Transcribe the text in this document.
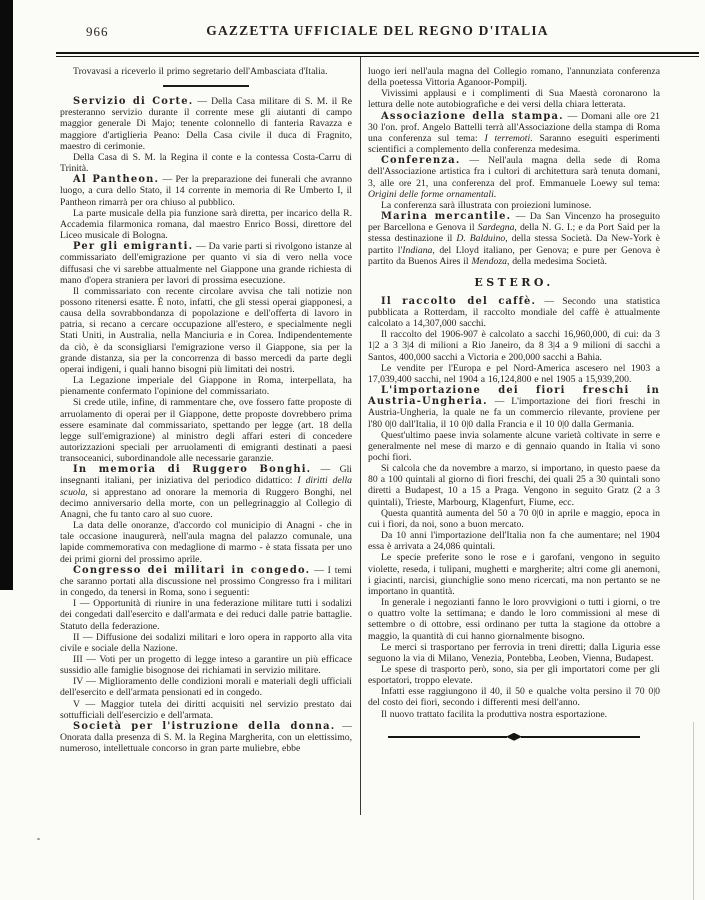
966	GAZZETTA UFFICIALE DEL REGNO D'ITALIA

Trovavasi a riceverlo il primo segretario dell'Ambasciata d'Italia.

Servizio di Corte. — Della Casa militare di S. M. il Re presteranno servizio durante il corrente mese gli aiutanti di campo maggior generale Di Majo; tenente colonnello di fanteria Ravazza e maggiore d'artiglieria Peano: Della Casa civile il duca di Fragnito, maestro di cerimonie.

Della Casa di S. M. la Regina il conte e la contessa Costa-Carru di Trinità.

Al Pantheon. — Per la preparazione dei funerali che avranno luogo, a cura dello Stato, il 14 corrente in memoria di Re Umberto I, il Pantheon rimarrà per ora chiuso al pubblico.

La parte musicale della pia funzione sarà diretta, per incarico della R. Accademia filarmonica romana, dal maestro Enrico Bossi, direttore del Liceo musicale di Bologna.

Per gli emigranti. — Da varie parti si rivolgono istanze al commissariato dell'emigrazione per quanto vi sia di vero nella voce diffusasi che vi sarebbe attualmente nel Giappone una grande richiesta di mano d'opera straniera per lavori di prossima esecuzione.

Il commissariato con recente circolare avvisa che tali notizie non possono ritenersi esatte. È noto, infatti, che gli stessi operai giapponesi, a causa della sovrabbondanza di popolazione e dell'offerta di lavoro in patria, si recano a cercare occupazione all'estero, e specialmente negli Stati Uniti, in Australia, nella Manciuria e in Corea. Indipendentemente da ciò, è da sconsigliarsi l'emigrazione verso il Giappone, sia per la grande distanza, sia per la concorrenza di basso mercedi da parte degli operai indigeni, i quali hanno bisogni più limitati dei nostri.

La Legazione imperiale del Giappone in Roma, interpellata, ha pienamente confermato l'opinione del commissariato.

Si crede utile, infine, di rammentare che, ove fossero fatte proposte di arruolamento di operai per il Giappone, dette proposte dovrebbero prima essere esaminate dal commissariato, spettando per legge (art. 18 della legge sull'emigrazione) al ministro degli affari esteri di concedere autorizzazioni speciali per arruolamenti di emigranti destinati a paesi transoceanici, subordinandole alle necessarie garanzie.

In memoria di Ruggero Bonghi. — Gli insegnanti italiani, per iniziativa del periodico didattico: I diritti della scuola, si apprestano ad onorare la memoria di Ruggero Bonghi, nel decimo anniversario della morte, con un pellegrinaggio al Collegio di Anagni, che fu tanto caro al suo cuore.

La data delle onoranze, d'accordo col municipio di Anagni - che in tale occasione inaugurerà, nell'aula magna del palazzo comunale, una lapide commemorativa con medaglione di marmo - è stata fissata per uno dei primi giorni del prossimo aprile.

Congresso dei militari in congedo. — I temi che saranno portati alla discussione nel prossimo Congresso fra i militari in congedo, da tenersi in Roma, sono i seguenti:

I — Opportunità di riunire in una federazione militare tutti i sodalizi dei congedati dall'esercito e dall'armata e dei reduci dalle patrie battaglie. Statuto della federazione.

II — Diffusione dei sodalizi militari e loro opera in rapporto alla vita civile e sociale della Nazione.

III — Voti per un progetto di legge inteso a garantire un più efficace sussidio alle famiglie bisognose dei richiamati in servizio militare.

IV — Miglioramento delle condizioni morali e materiali degli ufficiali dell'esercito e dell'armata pensionati ed in congedo.

V — Maggior tutela dei diritti acquisiti nel servizio prestato dai sottufficiali dell'esercizio e dell'armata.

Società per l'istruzione della donna. — Onorata dalla presenza di S. M. la Regina Margherita, con un elettissimo, numeroso, intellettuale concorso in gran parte muliebre, ebbe

luogo ieri nell'aula magna del Collegio romano, l'annunziata conferenza della poetessa Vittoria Aganoor-Pompilj.

Vivissimi applausi e i complimenti di Sua Maestà coronarono la lettura delle note autobiografiche e dei versi della chiara letterata.

Associazione della stampa. — Domani alle ore 21 30 l'on. prof. Angelo Battelli terrà all'Associazione della stampa di Roma una conferenza sul tema: I terremoti. Saranno eseguiti esperimenti scientifici a complemento della conferenza medesima.

Conferenza. — Nell'aula magna della sede di Roma dell'Associazione artistica fra i cultori di architettura sarà tenuta domani, 3, alle ore 21, una conferenza del prof. Emmanuele Loewy sul tema: Origini delle forme ornamentali.

La conferenza sarà illustrata con proiezioni luminose.

Marina mercantile. — Da San Vincenzo ha proseguito per Barcellona e Genova il Sardegna, della N. G. I.; e da Port Said per la stessa destinazione il D. Balduino, della stessa Società. Da New-York è partito l'Indiana, del Lloyd italiano, per Genova; e pure per Genova è partito da Buenos Aires il Mendoza, della medesima Società.

ESTERO.

Il raccolto del caffè. — Secondo una statistica pubblicata a Rotterdam, il raccolto mondiale del caffè è attualmente calcolato a 14,307,000 sacchi.

Il raccolto del 1906-907 è calcolato a sacchi 16,960,000, di cui: da 3 1|2 a 3 3|4 di milioni a Rio Janeiro, da 8 3|4 a 9 milioni di sacchi a Santos, 400,000 sacchi a Victoria e 200,000 sacchi a Bahia.

Le vendite per l'Europa e pel Nord-America ascesero nel 1903 a 17,039,400 sacchi, nel 1904 a 16,124,800 e nel 1905 a 15,939,200.

L'importazione dei fiori freschi in Austria-Ungheria. — L'importazione dei fiori freschi in Austria-Ungheria, la quale ne fa un commercio rilevante, proviene per l'80 0|0 dall'Italia, il 10 0|0 dalla Francia e il 10 0|0 dalla Germania.

Quest'ultimo paese invia solamente alcune varietà coltivate in serre e generalmente nel mese di marzo e di gennaio quando in Italia vi sono pochi fiori.

Si calcola che da novembre a marzo, si importano, in questo paese da 80 a 100 quintali al giorno di fiori freschi, dei quali 25 a 30 quintali sono diretti a Budapest, 10 a 15 a Praga. Vengono in seguito Gratz (2 a 3 quintali), Trieste, Marbourg, Klagenfurt, Fiume, ecc.

Questa quantità aumenta del 50 a 70 0|0 in aprile e maggio, epoca in cui i fiori, da noi, sono a buon mercato.

Da 10 anni l'importazione dell'Italia non fa che aumentare; nel 1904 essa è arrivata a 24,086 quintali.

Le specie preferite sono le rose e i garofani, vengono in seguito violette, reseda, i tulipani, mughetti e margherite; altri come gli anemoni, i giacinti, narcisi, giunchiglie sono meno ricercati, ma non pertanto se ne importano in quantità.

In generale i negozianti fanno le loro provvigioni o tutti i giorni, o tre o quattro volte la settimana; e dando le loro commissioni al mese di settembre o di ottobre, essi ordinano per tutta la stagione da ottobre a maggio, la quantità di cui hanno giornalmente bisogno.

Le merci si trasportano per ferrovia in treni diretti; dalla Liguria esse seguono la via di Milano, Venezia, Pontebba, Leoben, Vienna, Budapest.

Le spese di trasporto però, sono, sia per gli importatori come per gli esportatori, troppo elevate.

Infatti esse raggiungono il 40, il 50 e qualche volta persino il 70 0|0 del costo dei fiori, secondo i differenti mesi dell'anno.

Il nuovo trattato facilita la produttiva nostra esportazione.
